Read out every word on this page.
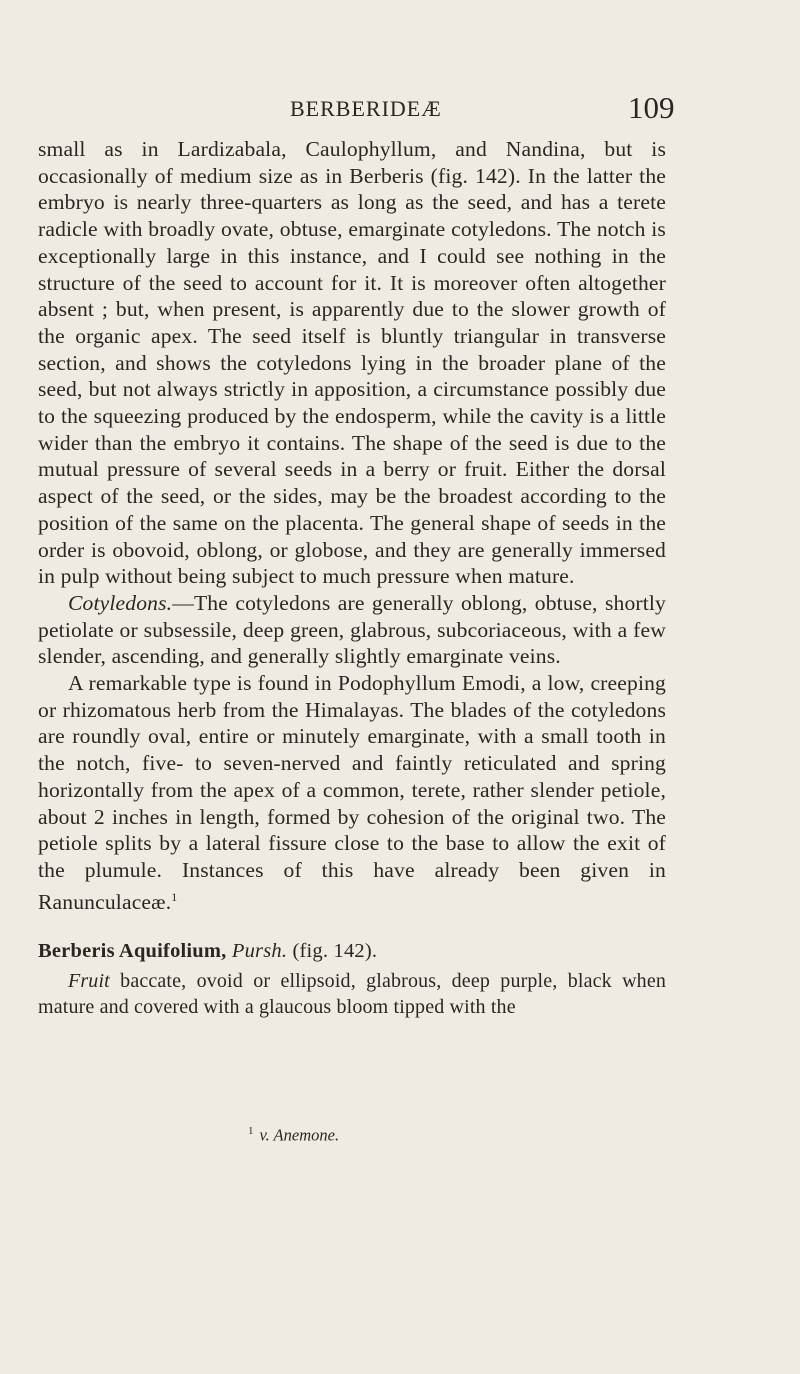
BERBERIDEÆ	109

small as in Lardizabala, Caulophyllum, and Nandina, but is occasionally of medium size as in Berberis (fig. 142). In the latter the embryo is nearly three-quarters as long as the seed, and has a terete radicle with broadly ovate, obtuse, emarginate cotyledons. The notch is exceptionally large in this instance, and I could see nothing in the structure of the seed to account for it. It is moreover often altogether absent ; but, when present, is apparently due to the slower growth of the organic apex. The seed itself is bluntly triangular in transverse section, and shows the cotyledons lying in the broader plane of the seed, but not always strictly in apposition, a circumstance possibly due to the squeezing produced by the endosperm, while the cavity is a little wider than the embryo it contains. The shape of the seed is due to the mutual pressure of several seeds in a berry or fruit. Either the dorsal aspect of the seed, or the sides, may be the broadest according to the position of the same on the placenta. The general shape of seeds in the order is obovoid, oblong, or globose, and they are generally immersed in pulp without being subject to much pressure when mature.

Cotyledons.—The cotyledons are generally oblong, obtuse, shortly petiolate or subsessile, deep green, glabrous, subcoriaceous, with a few slender, ascending, and generally slightly emarginate veins.

A remarkable type is found in Podophyllum Emodi, a low, creeping or rhizomatous herb from the Himalayas. The blades of the cotyledons are roundly oval, entire or minutely emarginate, with a small tooth in the notch, five- to seven-nerved and faintly reticulated and spring horizontally from the apex of a common, terete, rather slender petiole, about 2 inches in length, formed by cohesion of the original two. The petiole splits by a lateral fissure close to the base to allow the exit of the plumule. Instances of this have already been given in Ranunculaceæ.$^1$

Berberis Aquifolium, Pursh. (fig. 142).

Fruit baccate, ovoid or ellipsoid, glabrous, deep purple, black when mature and covered with a glaucous bloom tipped with the

$^1$ v. Anemone.
